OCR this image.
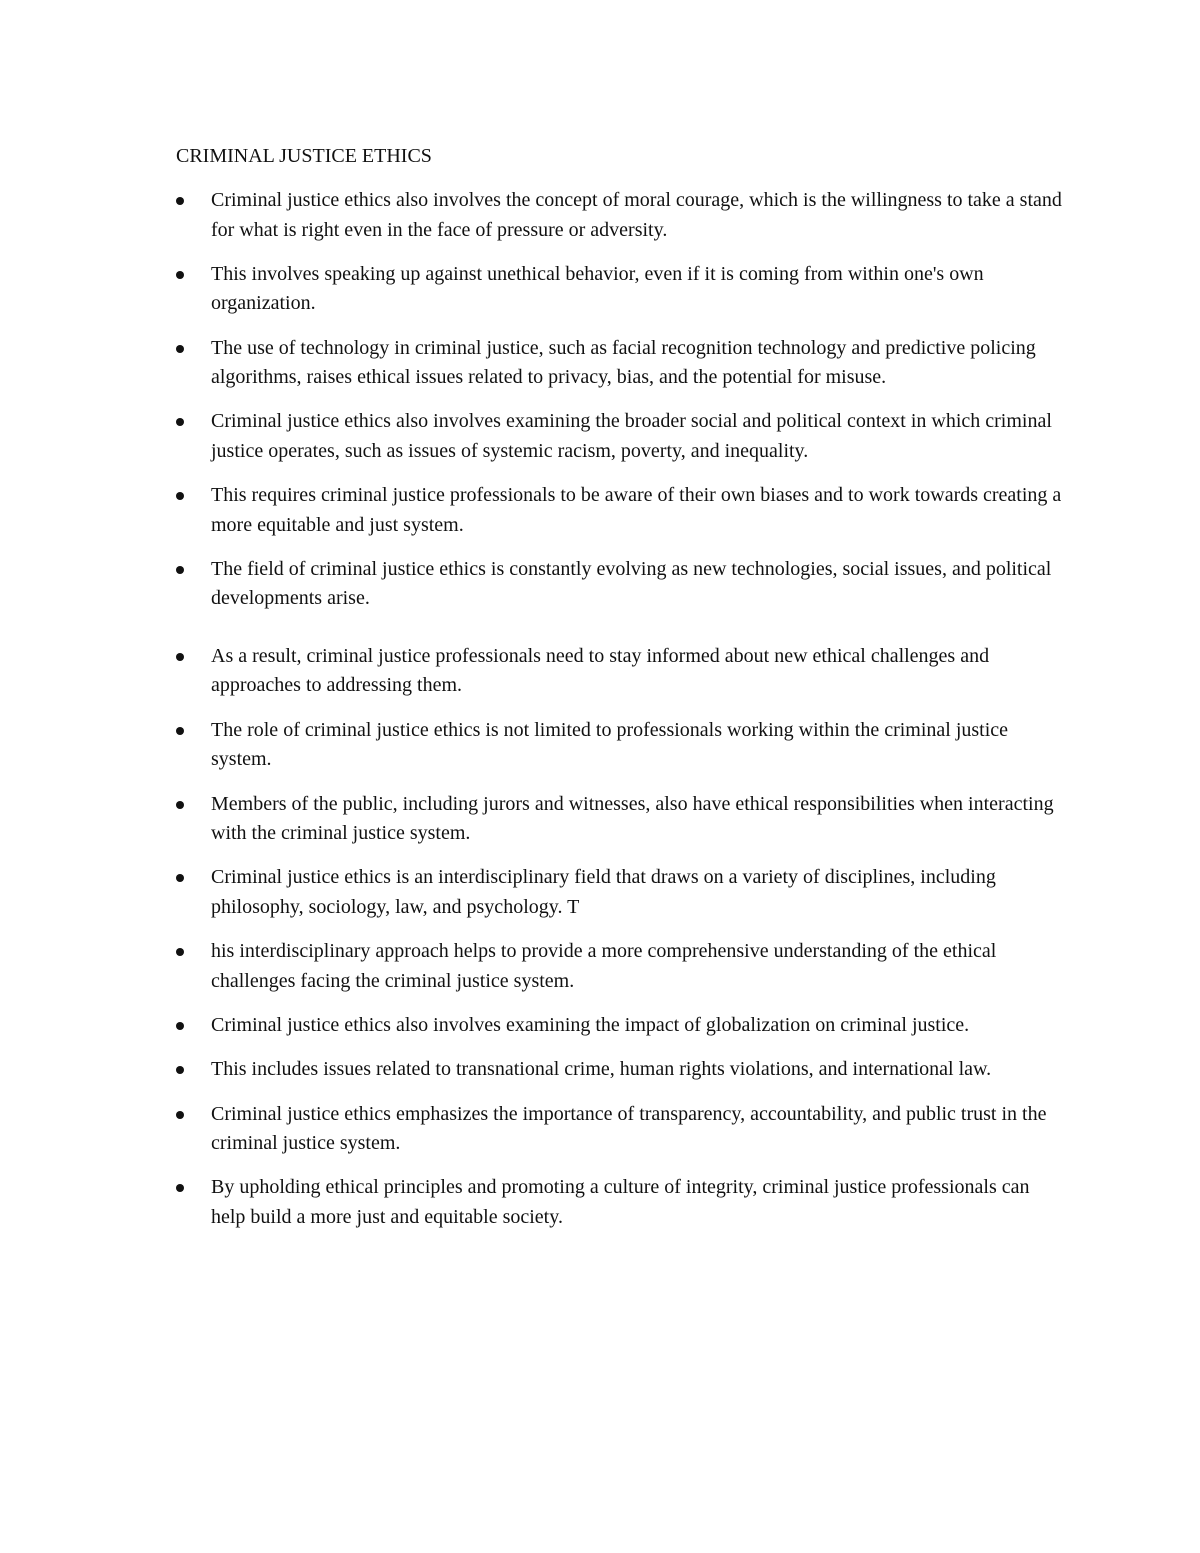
CRIMINAL JUSTICE ETHICS
Criminal justice ethics also involves the concept of moral courage, which is the willingness to take a stand for what is right even in the face of pressure or adversity.
This involves speaking up against unethical behavior, even if it is coming from within one's own organization.
The use of technology in criminal justice, such as facial recognition technology and predictive policing algorithms, raises ethical issues related to privacy, bias, and the potential for misuse.
Criminal justice ethics also involves examining the broader social and political context in which criminal justice operates, such as issues of systemic racism, poverty, and inequality.
This requires criminal justice professionals to be aware of their own biases and to work towards creating a more equitable and just system.
The field of criminal justice ethics is constantly evolving as new technologies, social issues, and political developments arise.
As a result, criminal justice professionals need to stay informed about new ethical challenges and approaches to addressing them.
The role of criminal justice ethics is not limited to professionals working within the criminal justice system.
Members of the public, including jurors and witnesses, also have ethical responsibilities when interacting with the criminal justice system.
Criminal justice ethics is an interdisciplinary field that draws on a variety of disciplines, including philosophy, sociology, law, and psychology. T
his interdisciplinary approach helps to provide a more comprehensive understanding of the ethical challenges facing the criminal justice system.
Criminal justice ethics also involves examining the impact of globalization on criminal justice.
This includes issues related to transnational crime, human rights violations, and international law.
Criminal justice ethics emphasizes the importance of transparency, accountability, and public trust in the criminal justice system.
By upholding ethical principles and promoting a culture of integrity, criminal justice professionals can help build a more just and equitable society.
